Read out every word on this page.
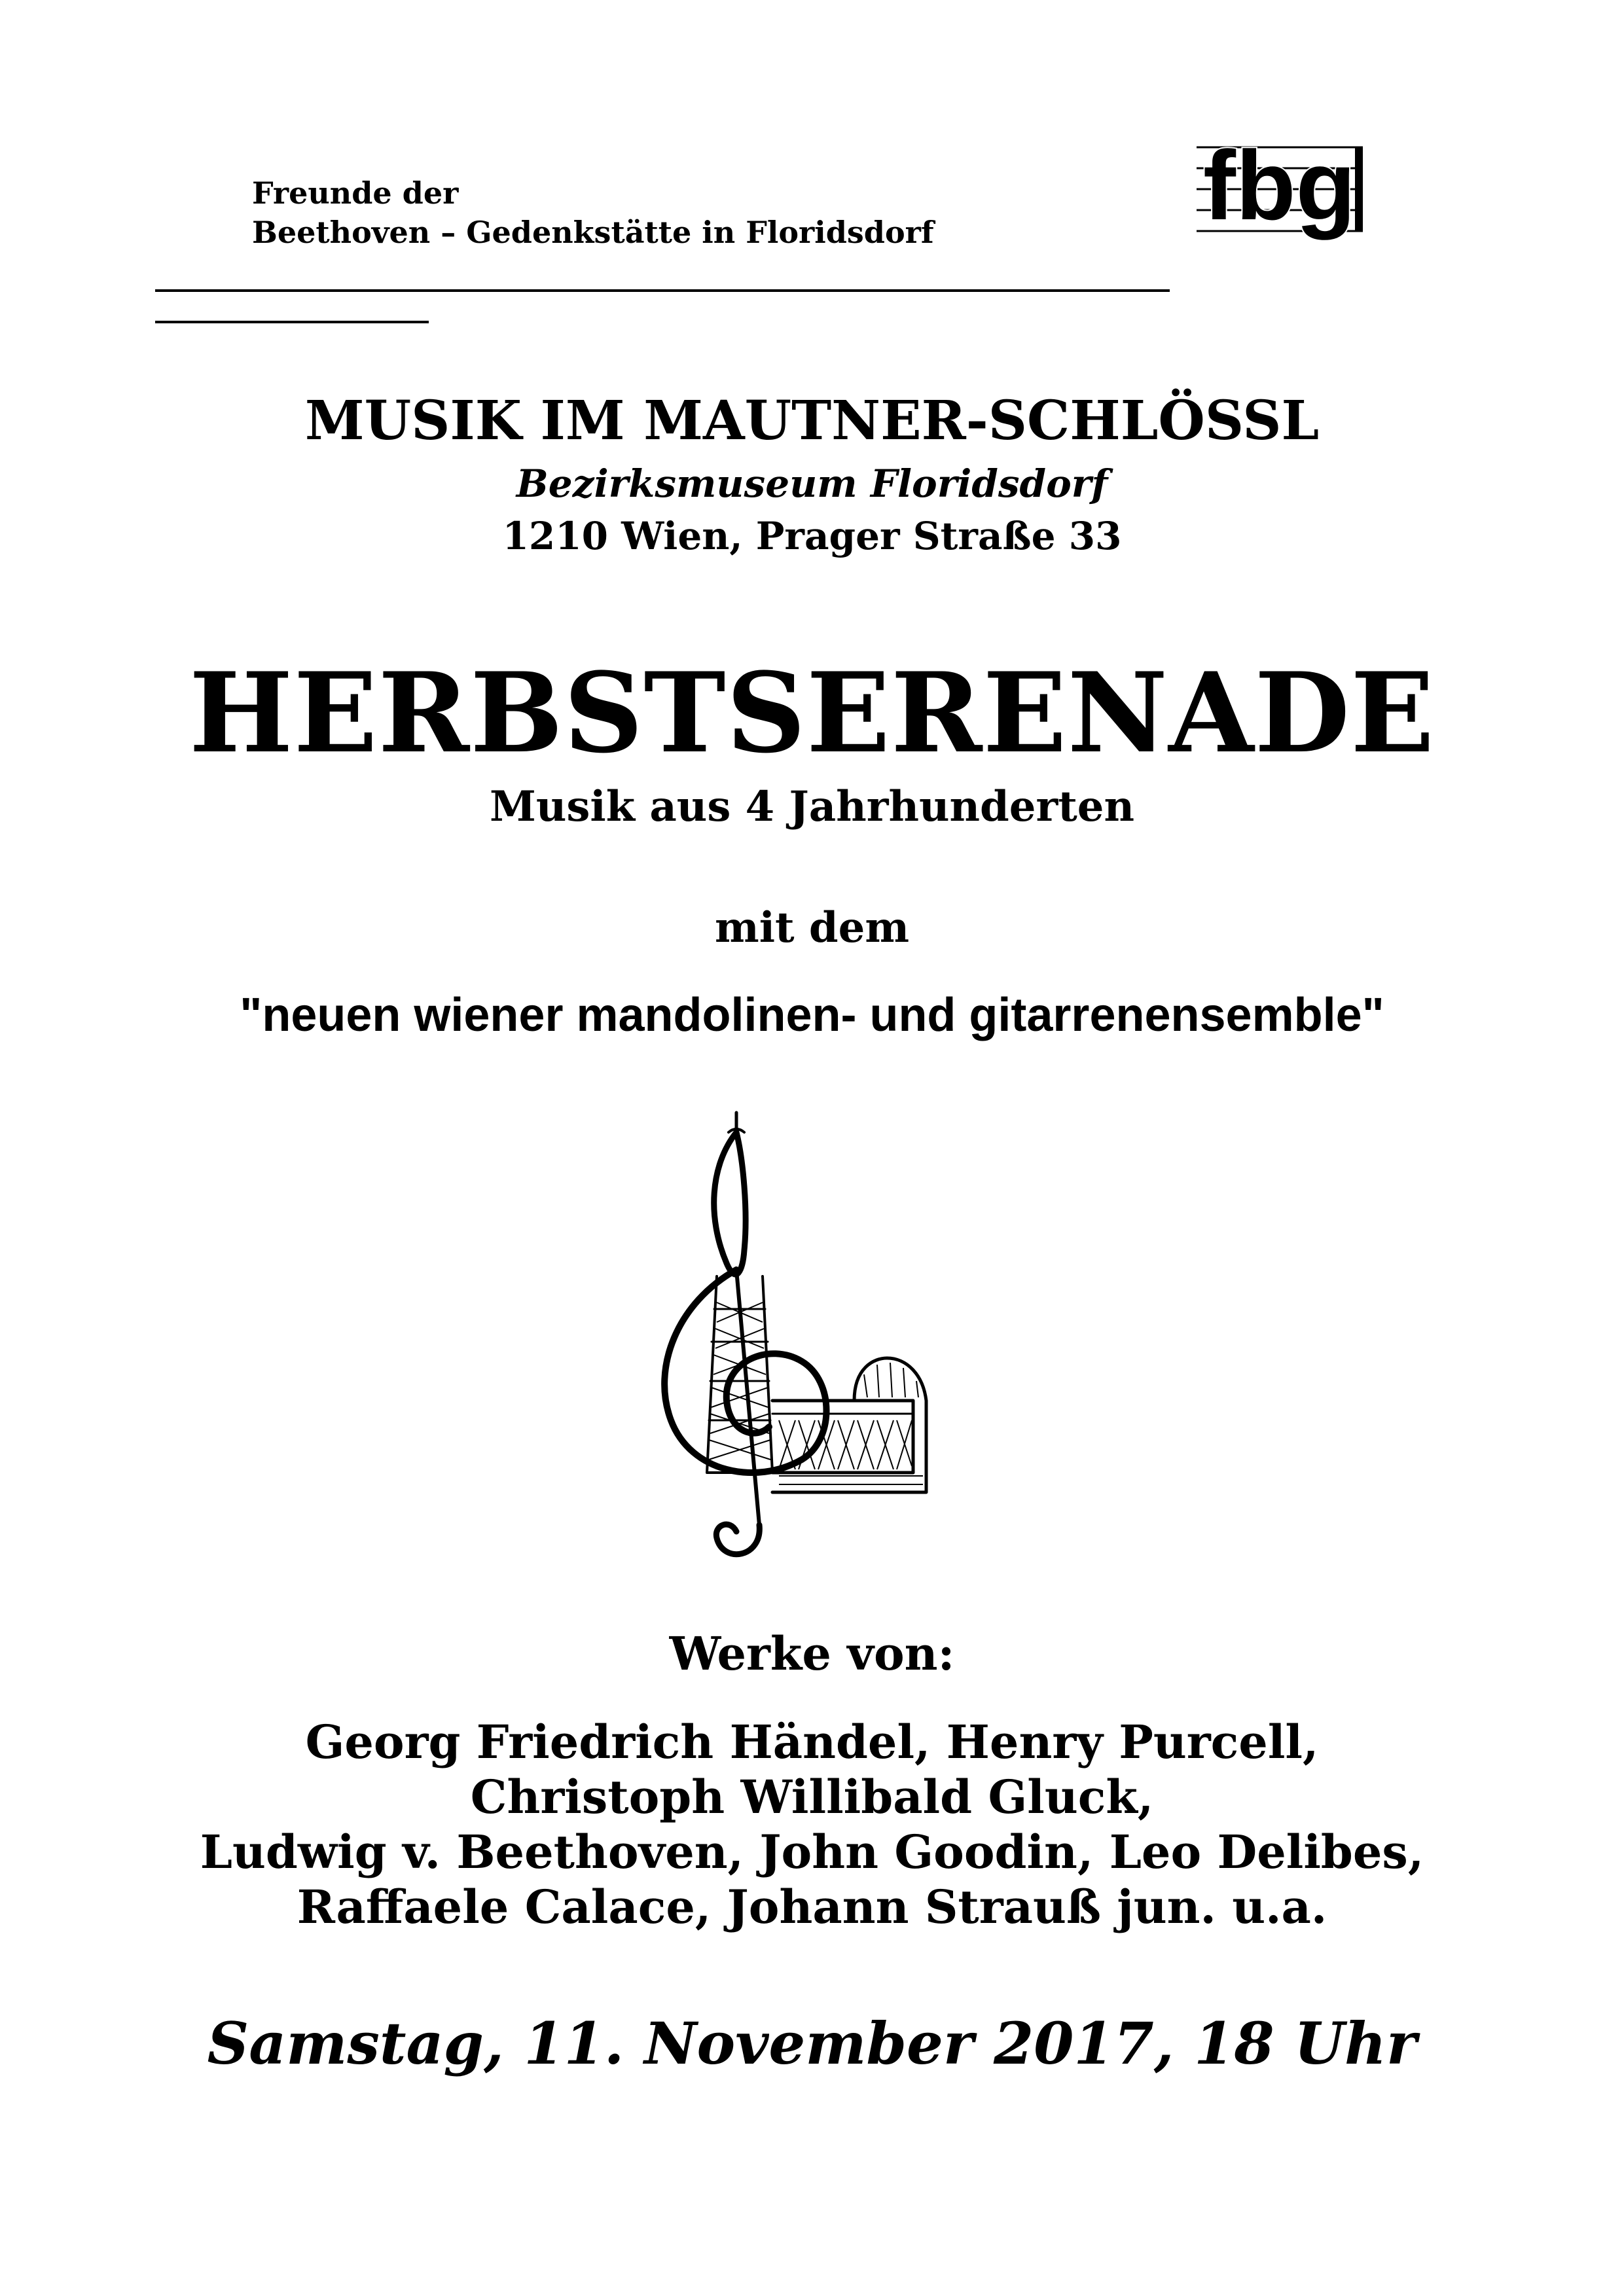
Freunde der
Beethoven – Gedenkstätte in Floridsdorf	fbg
MUSIK IM MAUTNER-SCHLÖSSL
Bezirksmuseum Floridsdorf
1210 Wien, Prager Straße 33
HERBSTSERENADE
Musik aus 4 Jahrhunderten
mit dem
"neuen wiener mandolinen- und gitarrenensemble"
Werke von:
Georg Friedrich Händel, Henry Purcell,
Christoph Willibald Gluck,
Ludwig v. Beethoven, John Goodin, Leo Delibes,
Raffaele Calace, Johann Strauß jun. u.a.
Samstag, 11. November 2017, 18 Uhr
